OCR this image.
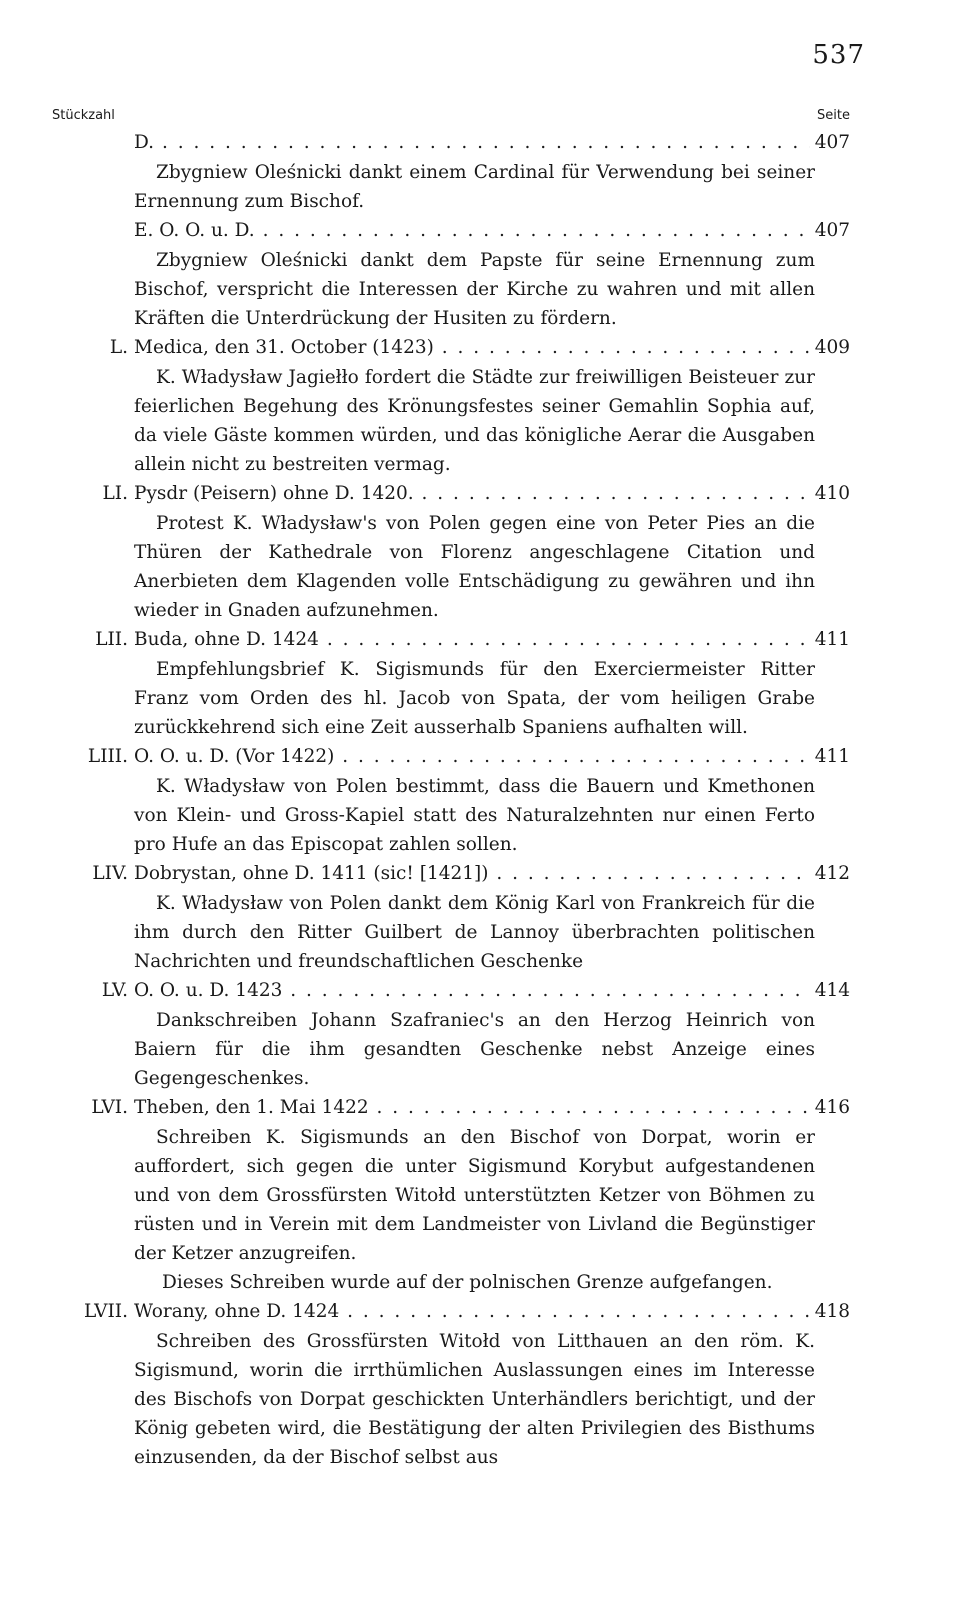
537
Stückzahl	Seite
D. . . .	407

Zbygniew Oleśnicki dankt einem Cardinal für Verwendung bei seiner Ernennung zum Bischof.

E. O. O. u. D. . . .	407

Zbygniew Oleśnicki dankt dem Papste für seine Ernennung zum Bischof, verspricht die Interessen der Kirche zu wahren und mit allen Kräften die Unterdrückung der Husiten zu fördern.

L. Medica, den 31. October (1423) . . .	409

K. Władysław Jagiełło fordert die Städte zur freiwilligen Beisteuer zur feierlichen Begehung des Krönungsfestes seiner Gemahlin Sophia auf, da viele Gäste kommen würden, und das königliche Aerar die Ausgaben allein nicht zu bestreiten vermag.

LI. Pysdr (Peisern) ohne D. 1420. . . .	410

Protest K. Władysław's von Polen gegen eine von Peter Pies an die Thüren der Kathedrale von Florenz angeschlagene Citation und Anerbieten dem Klagenden volle Entschädigung zu gewähren und ihn wieder in Gnaden aufzunehmen.

LII. Buda, ohne D. 1424 . . .	411

Empfehlungsbrief K. Sigismunds für den Exerciermeister Ritter Franz vom Orden des hl. Jacob von Spata, der vom heiligen Grabe zurückkehrend sich eine Zeit ausserhalb Spaniens aufhalten will.

LIII. O. O. u. D. (Vor 1422) . . .	411

K. Władysław von Polen bestimmt, dass die Bauern und Kmethonen von Klein- und Gross-Kapiel statt des Naturalzehnten nur einen Ferto pro Hufe an das Episcopat zahlen sollen.

LIV. Dobrystan, ohne D. 1411 (sic! [1421]) . . .	412

K. Władysław von Polen dankt dem König Karl von Frankreich für die ihm durch den Ritter Guilbert de Lannoy überbrachten politischen Nachrichten und freundschaftlichen Geschenke

LV. O. O. u. D. 1423 . . .	414

Dankschreiben Johann Szafraniec's an den Herzog Heinrich von Baiern für die ihm gesandten Geschenke nebst Anzeige eines Gegengeschenkes.

LVI. Theben, den 1. Mai 1422 . . .	416

Schreiben K. Sigismunds an den Bischof von Dorpat, worin er auffordert, sich gegen die unter Sigismund Korybut aufgestandenen und von dem Grossfürsten Witołd unterstützten Ketzer von Böhmen zu rüsten und in Verein mit dem Landmeister von Livland die Begünstiger der Ketzer anzugreifen.

Dieses Schreiben wurde auf der polnischen Grenze aufgefangen.

LVII. Worany, ohne D. 1424 . . .	418

Schreiben des Grossfürsten Witołd von Litthauen an den röm. K. Sigismund, worin die irrthümlichen Auslassungen eines im Interesse des Bischofs von Dorpat geschickten Unterhändlers berichtigt, und der König gebeten wird, die Bestätigung der alten Privilegien des Bisthums einzusenden, da der Bischof selbst aus
